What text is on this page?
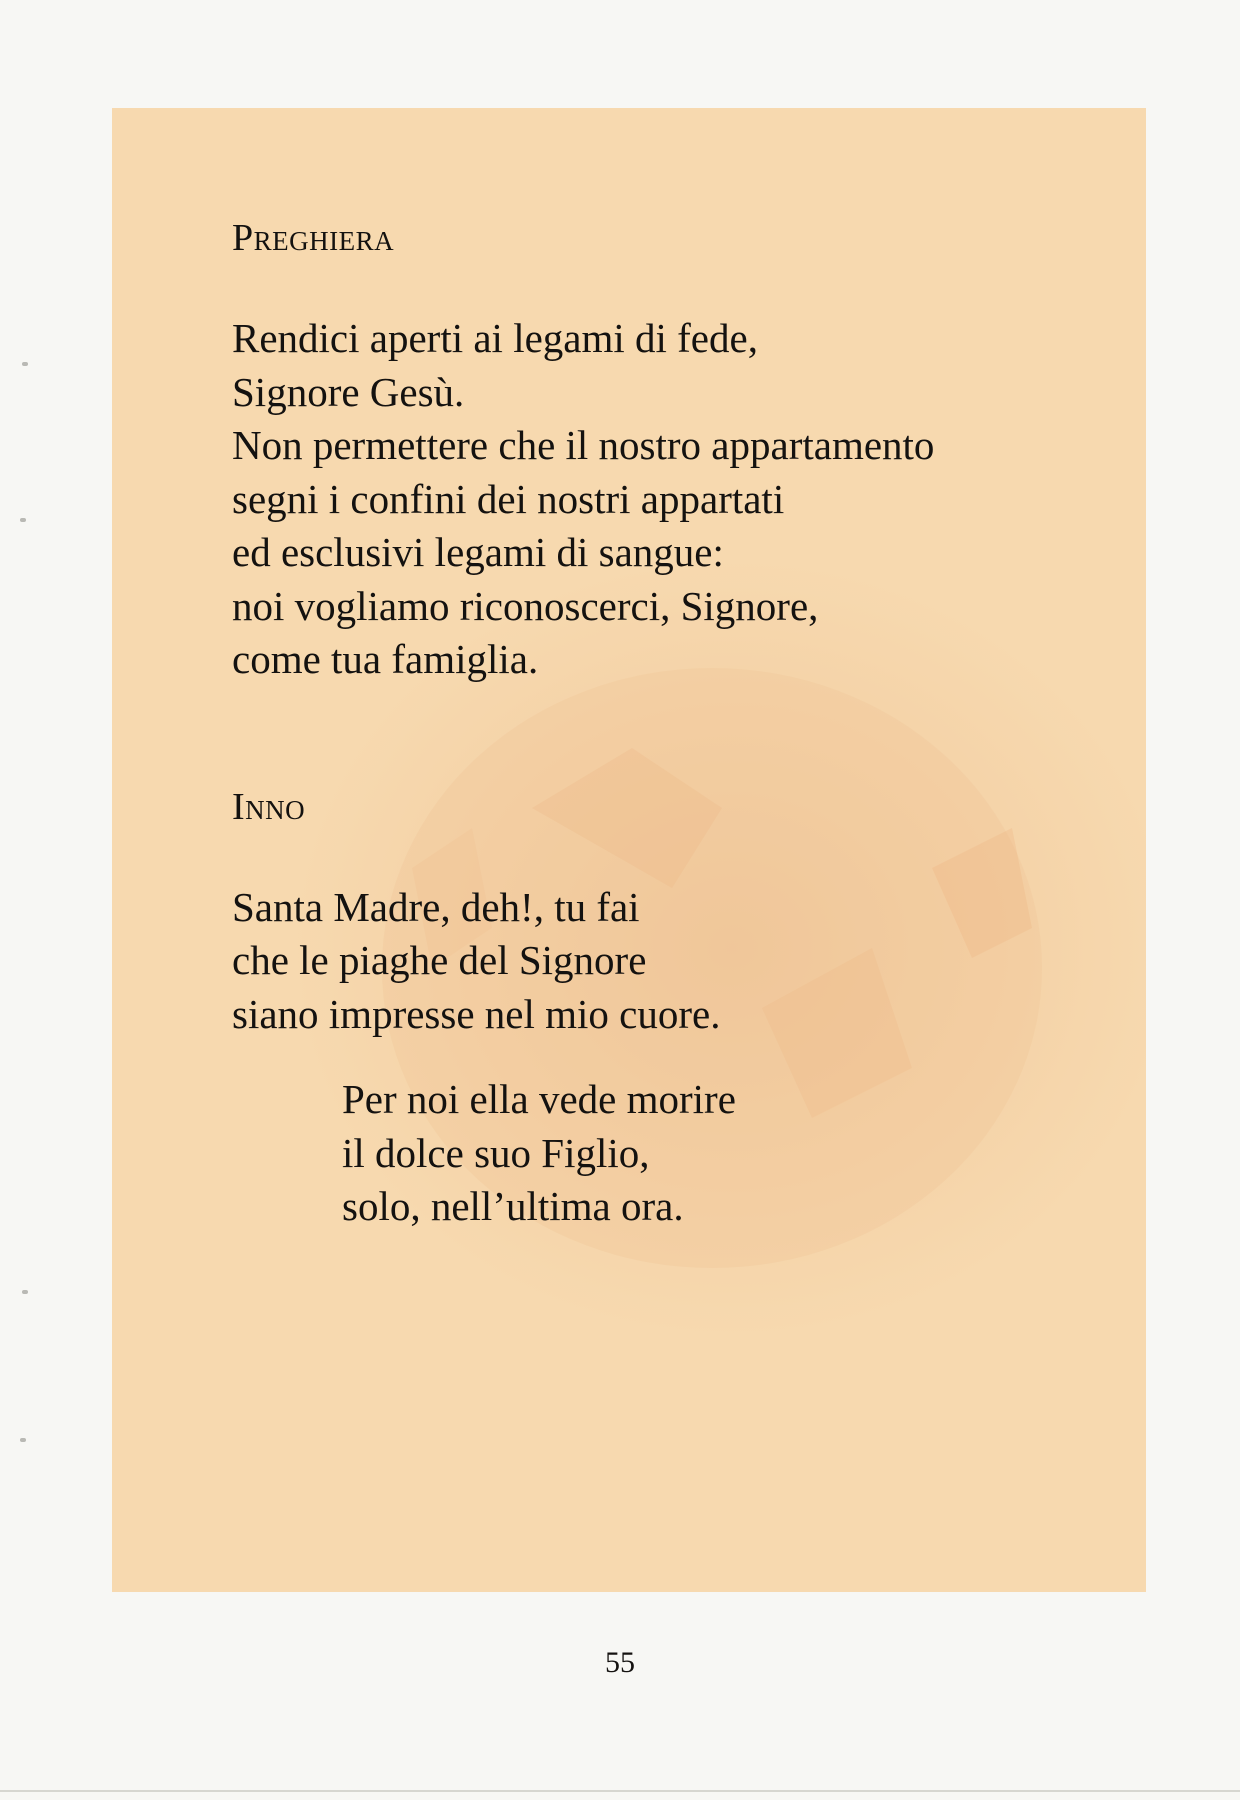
Preghiera

Rendici aperti ai legami di fede,
Signore Gesù.
Non permettere che il nostro appartamento
segni i confini dei nostri appartati
ed esclusivi legami di sangue:
noi vogliamo riconoscerci, Signore,
come tua famiglia.

Inno

Santa Madre, deh!, tu fai
che le piaghe del Signore
siano impresse nel mio cuore.

Per noi ella vede morire
il dolce suo Figlio,
solo, nell’ultima ora.

55
